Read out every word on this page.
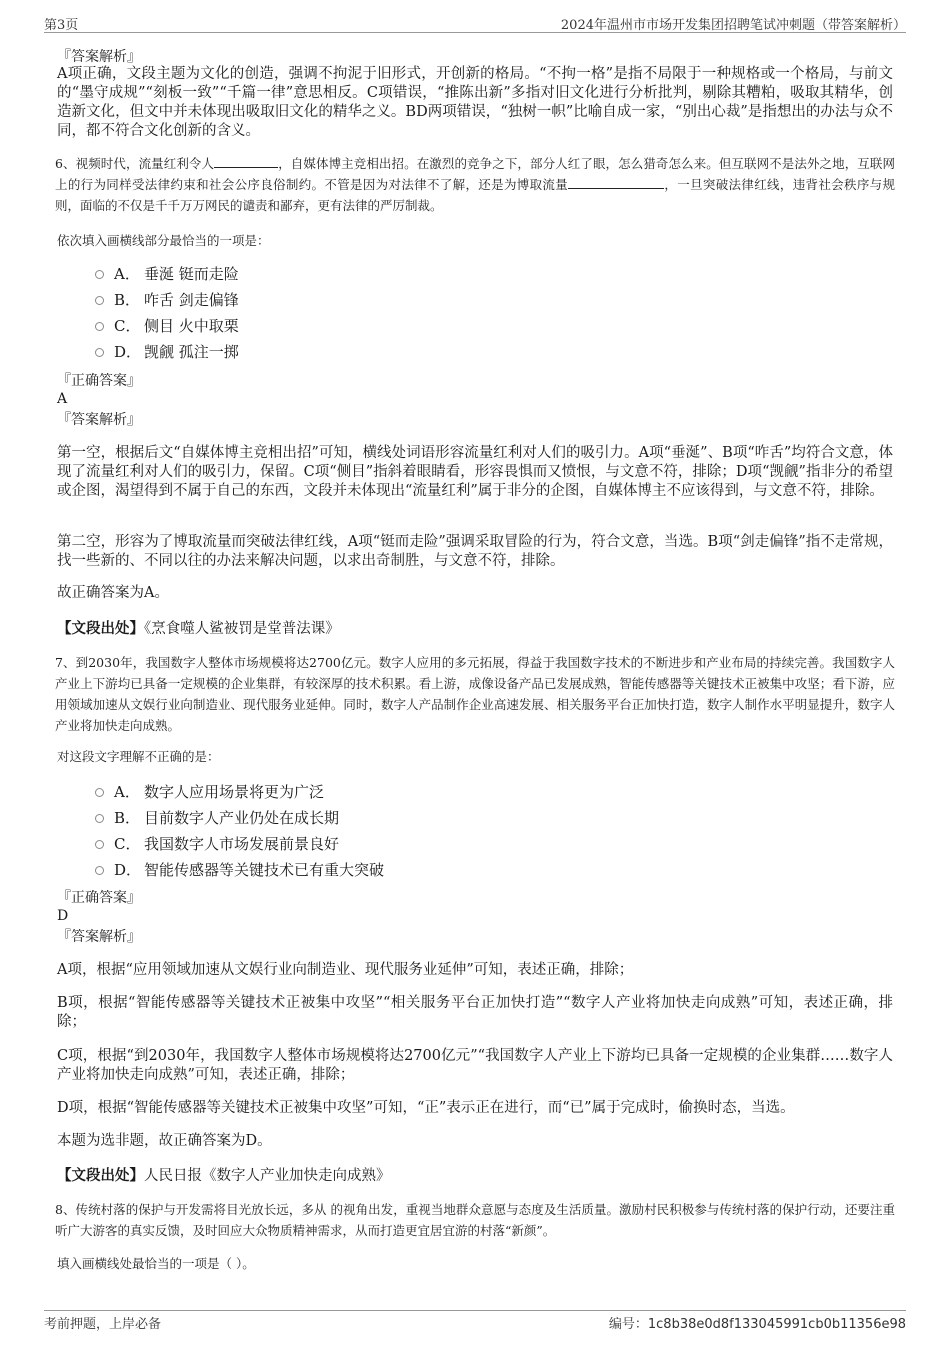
第3页	2024年温州市市场开发集团招聘笔试冲刺题（带答案解析）
『答案解析』
A项正确，文段主题为文化的创造，强调不拘泥于旧形式，开创新的格局。“不拘一格”是指不局限于一种规格或一个格局，与前文的“墨守成规”“刻板一致”“千篇一律”意思相反。C项错误，“推陈出新”多指对旧文化进行分析批判，剔除其糟粕，吸取其精华，创造新文化，但文中并未体现出吸取旧文化的精华之义。BD两项错误，“独树一帜”比喻自成一家，“别出心裁”是指想出的办法与众不同，都不符合文化创新的含义。
6、视频时代，流量红利令人	，自媒体博主竞相出招。在激烈的竞争之下，部分人红了眼，怎么猎奇怎么来。但互联网不是法外之地，互联网上的行为同样受法律约束和社会公序良俗制约。不管是因为对法律不了解，还是为博取流量	，一旦突破法律红线，违背社会秩序与规则，面临的不仅是千千万万网民的谴责和鄙弃，更有法律的严厉制裁。
依次填入画横线部分最恰当的一项是：
A． 垂涎 铤而走险
B． 咋舌 剑走偏锋
C． 侧目 火中取栗
D． 觊觎 孤注一掷
『正确答案』
A
『答案解析』
第一空，根据后文“自媒体博主竞相出招”可知，横线处词语形容流量红利对人们的吸引力。A项“垂涎”、B项“咋舌”均符合文意，体现了流量红利对人们的吸引力，保留。C项“侧目”指斜着眼睛看，形容畏惧而又愤恨，与文意不符，排除；D项“觊觎”指非分的希望或企图，渴望得到不属于自己的东西，文段并未体现出“流量红利”属于非分的企图，自媒体博主不应该得到，与文意不符，排除。
第二空，形容为了博取流量而突破法律红线，A项“铤而走险”强调采取冒险的行为，符合文意，当选。B项“剑走偏锋”指不走常规，找一些新的、不同以往的办法来解决问题，以求出奇制胜，与文意不符，排除。
故正确答案为A。
【文段出处】《烹食噬人鲨被罚是堂普法课》
7、到2030年，我国数字人整体市场规模将达2700亿元。数字人应用的多元拓展，得益于我国数字技术的不断进步和产业布局的持续完善。我国数字人产业上下游均已具备一定规模的企业集群，有较深厚的技术积累。看上游，成像设备产品已发展成熟，智能传感器等关键技术正被集中攻坚；看下游，应用领域加速从文娱行业向制造业、现代服务业延伸。同时，数字人产品制作企业高速发展、相关服务平台正加快打造，数字人制作水平明显提升，数字人产业将加快走向成熟。
对这段文字理解不正确的是：
A． 数字人应用场景将更为广泛
B． 目前数字人产业仍处在成长期
C． 我国数字人市场发展前景良好
D． 智能传感器等关键技术已有重大突破
『正确答案』
D
『答案解析』
A项，根据“应用领域加速从文娱行业向制造业、现代服务业延伸”可知，表述正确，排除；
B项，根据“智能传感器等关键技术正被集中攻坚”“相关服务平台正加快打造”“数字人产业将加快走向成熟”可知，表述正确，排除；
C项，根据“到2030年，我国数字人整体市场规模将达2700亿元”“我国数字人产业上下游均已具备一定规模的企业集群……数字人产业将加快走向成熟”可知，表述正确，排除；
D项，根据“智能传感器等关键技术正被集中攻坚”可知，“正”表示正在进行，而“已”属于完成时，偷换时态，当选。
本题为选非题，故正确答案为D。
【文段出处】人民日报《数字人产业加快走向成熟》
8、传统村落的保护与开发需将目光放长远，多从 的视角出发，重视当地群众意愿与态度及生活质量。激励村民积极参与传统村落的保护行动，还要注重听广大游客的真实反馈，及时回应大众物质精神需求，从而打造更宜居宜游的村落“新颜”。
填入画横线处最恰当的一项是（ ）。
考前押题，上岸必备	编号：1c8b38e0d8f133045991cb0b11356e98
